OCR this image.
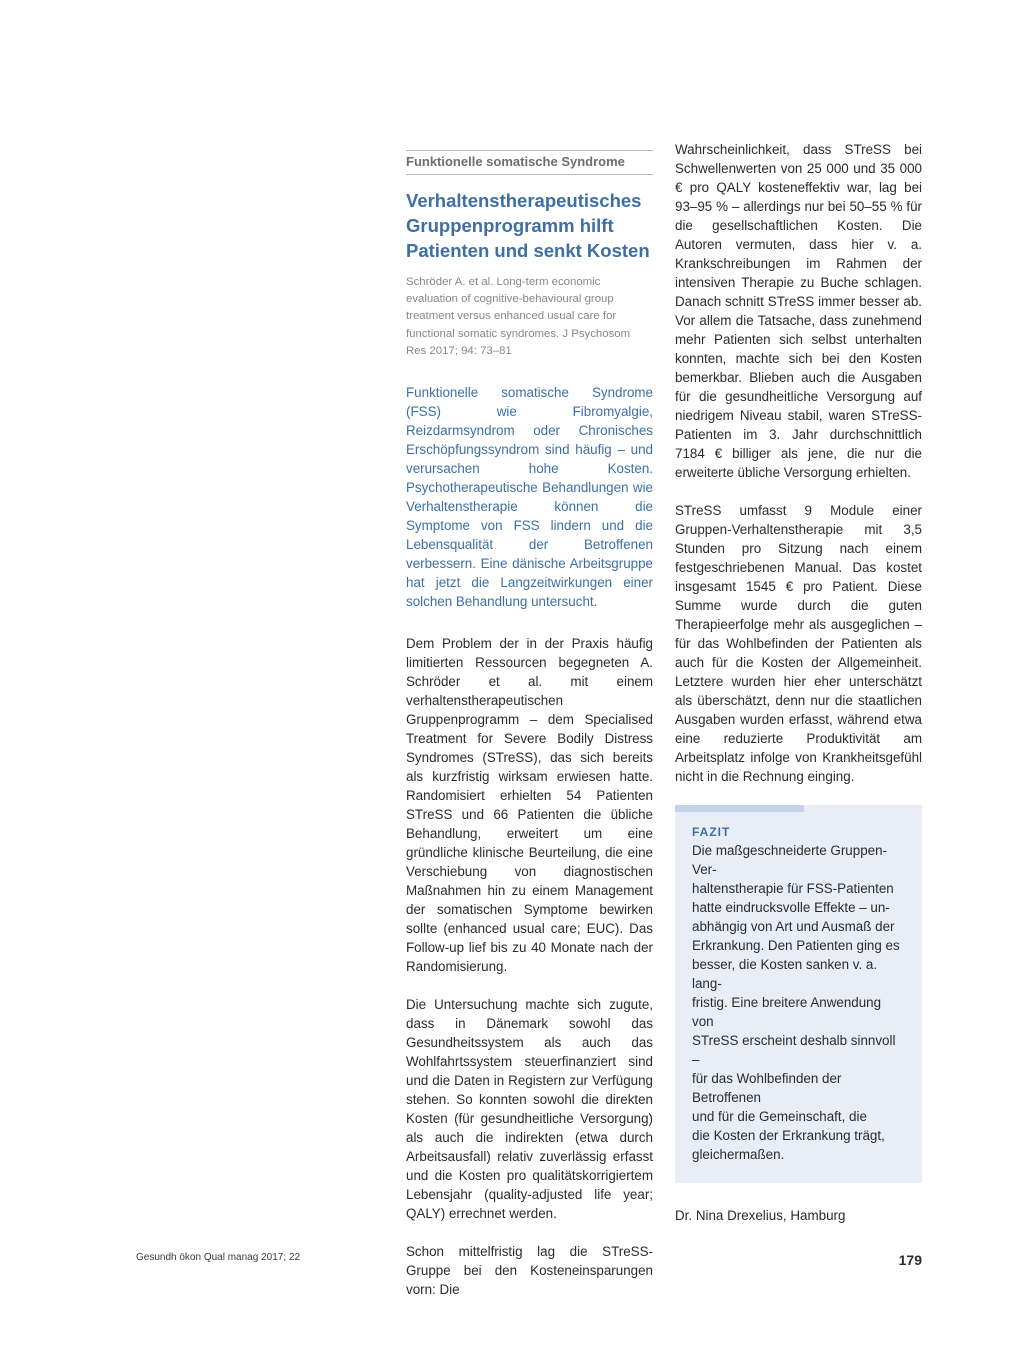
Funktionelle somatische Syndrome
Verhaltenstherapeutisches Gruppenprogramm hilft Patienten und senkt Kosten
Schröder A. et al. Long-term economic evaluation of cognitive-behavioural group treatment versus enhanced usual care for functional somatic syndromes. J Psychosom Res 2017; 94: 73–81
Funktionelle somatische Syndrome (FSS) wie Fibromyalgie, Reizdarmsyndrom oder Chronisches Erschöpfungssyndrom sind häufig – und verursachen hohe Kosten. Psychotherapeutische Behandlungen wie Verhaltenstherapie können die Symptome von FSS lindern und die Lebensqualität der Betroffenen verbessern. Eine dänische Arbeitsgruppe hat jetzt die Langzeitwirkungen einer solchen Behandlung untersucht.

Dem Problem der in der Praxis häufig limitierten Ressourcen begegneten A. Schröder et al. mit einem verhaltenstherapeutischen Gruppenprogramm – dem Specialised Treatment for Severe Bodily Distress Syndromes (STreSS), das sich bereits als kurzfristig wirksam erwiesen hatte. Randomisiert erhielten 54 Patienten STreSS und 66 Patienten die übliche Behandlung, erweitert um eine gründliche klinische Beurteilung, die eine Verschiebung von diagnostischen Maßnahmen hin zu einem Management der somatischen Symptome bewirken sollte (enhanced usual care; EUC). Das Follow-up lief bis zu 40 Monate nach der Randomisierung.

Die Untersuchung machte sich zugute, dass in Dänemark sowohl das Gesundheitssystem als auch das Wohlfahrtssystem steuerfinanziert sind und die Daten in Registern zur Verfügung stehen. So konnten sowohl die direkten Kosten (für gesundheitliche Versorgung) als auch die indirekten (etwa durch Arbeitsausfall) relativ zuverlässig erfasst und die Kosten pro qualitätskorrigiertem Lebensjahr (quality-adjusted life year; QALY) errechnet werden.

Schon mittelfristig lag die STreSS-Gruppe bei den Kosteneinsparungen vorn: Die

Wahrscheinlichkeit, dass STreSS bei Schwellenwerten von 25 000 und 35 000 € pro QALY kosteneffektiv war, lag bei 93–95 % – allerdings nur bei 50–55 % für die gesellschaftlichen Kosten. Die Autoren vermuten, dass hier v. a. Krankschreibungen im Rahmen der intensiven Therapie zu Buche schlagen. Danach schnitt STreSS immer besser ab. Vor allem die Tatsache, dass zunehmend mehr Patienten sich selbst unterhalten konnten, machte sich bei den Kosten bemerkbar. Blieben auch die Ausgaben für die gesundheitliche Versorgung auf niedrigem Niveau stabil, waren STreSS-Patienten im 3. Jahr durchschnittlich 7184 € billiger als jene, die nur die erweiterte übliche Versorgung erhielten.

STreSS umfasst 9 Module einer Gruppen-Verhaltenstherapie mit 3,5 Stunden pro Sitzung nach einem festgeschriebenen Manual. Das kostet insgesamt 1545 € pro Patient. Diese Summe wurde durch die guten Therapieerfolge mehr als ausgeglichen – für das Wohlbefinden der Patienten als auch für die Kosten der Allgemeinheit. Letztere wurden hier eher unterschätzt als überschätzt, denn nur die staatlichen Ausgaben wurden erfasst, während etwa eine reduzierte Produktivität am Arbeitsplatz infolge von Krankheitsgefühl nicht in die Rechnung einging.

FAZIT
Die maßgeschneiderte Gruppen-Ver-
haltenstherapie für FSS-Patienten
hatte eindrucksvolle Effekte – un-
abhängig von Art und Ausmaß der
Erkrankung. Den Patienten ging es
besser, die Kosten sanken v. a. lang-
fristig. Eine breitere Anwendung von
STreSS erscheint deshalb sinnvoll –
für das Wohlbefinden der Betroffenen
und für die Gemeinschaft, die
die Kosten der Erkrankung trägt,
gleichermaßen.
Dr. Nina Drexelius, Hamburg
Gesundh ökon Qual manag 2017; 22	179
